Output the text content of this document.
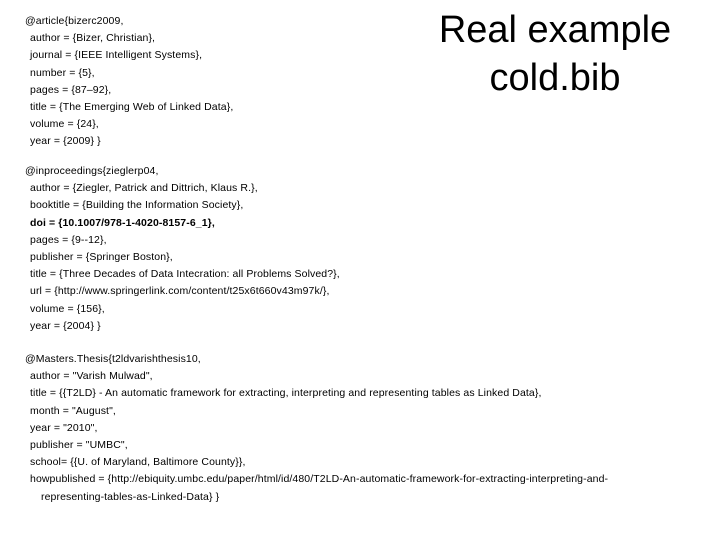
Real example
cold.bib
@article{bizerc2009,
author = {Bizer, Christian},
journal = {IEEE Intelligent Systems},
number = {5},
pages = {87–92},
title = {The Emerging Web of Linked Data},
volume = {24},
year = {2009} }
@inproceedings{zieglerp04,
author = {Ziegler, Patrick and Dittrich, Klaus R.},
booktitle = {Building the Information Society},
doi = {10.1007/978-1-4020-8157-6_1},
pages = {9--12},
publisher = {Springer Boston},
title = {Three Decades of Data Intecration: all Problems Solved?},
url = {http://www.springerlink.com/content/t25x6t660v43m97k/},
volume = {156},
year = {2004} }
@Masters.Thesis{t2ldvarishthesis10,
author = "Varish Mulwad",
title = {{T2LD} - An automatic framework for extracting, interpreting and representing tables as Linked Data},
month = "August",
year = "2010",
publisher = "UMBC",
school= {{U. of Maryland, Baltimore County}},
howpublished = {http://ebiquity.umbc.edu/paper/html/id/480/T2LD-An-automatic-framework-for-extracting-interpreting-and-
representing-tables-as-Linked-Data} }
